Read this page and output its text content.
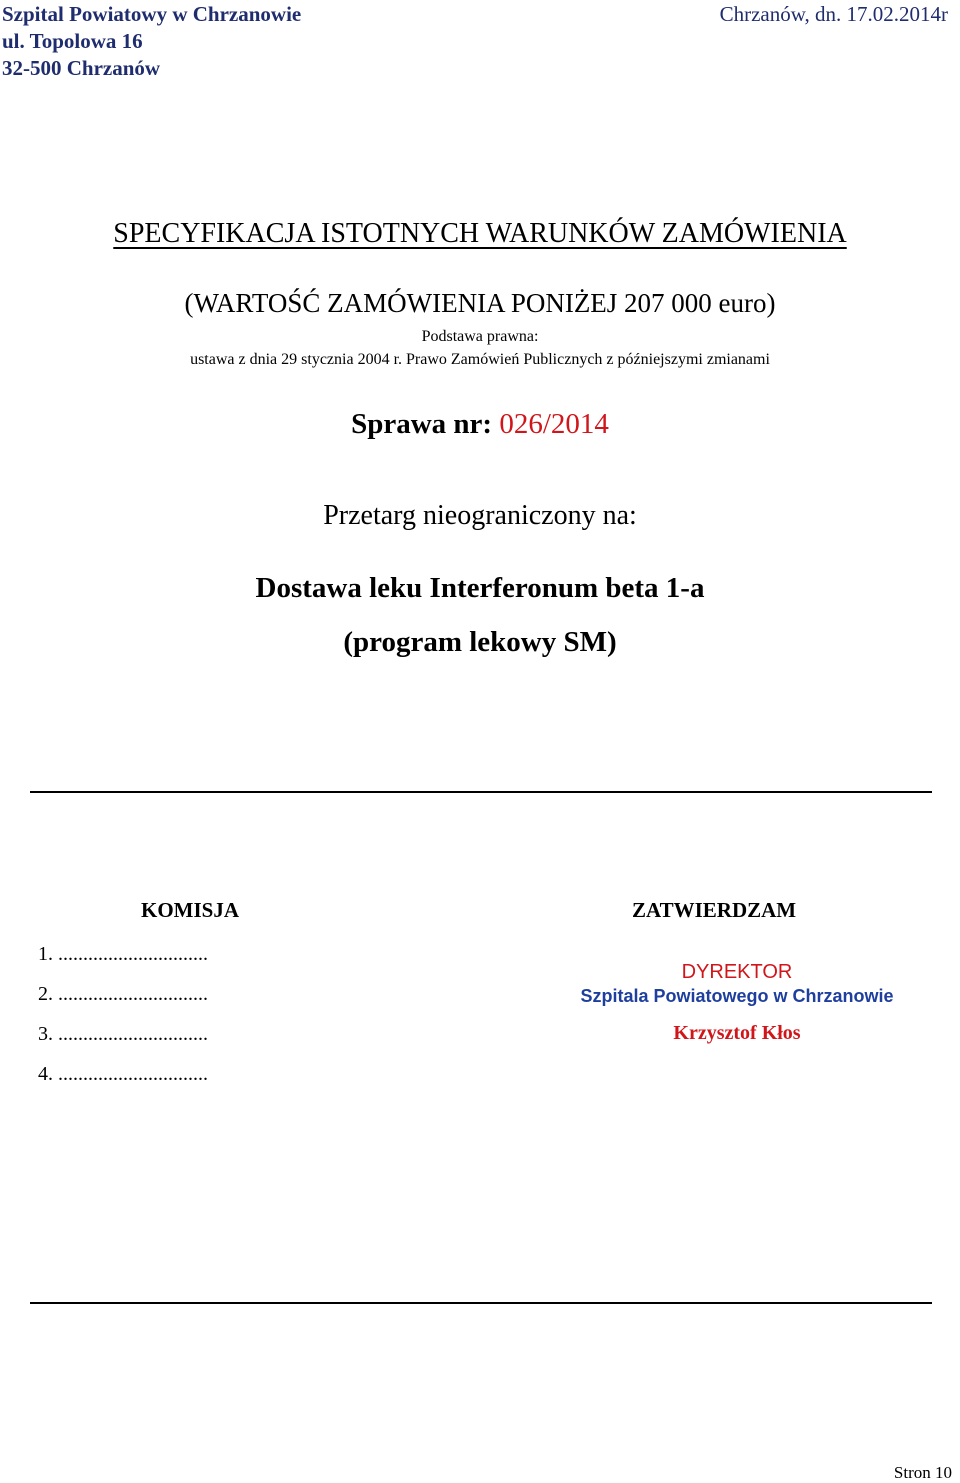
Szpital Powiatowy w Chrzanowie
ul. Topolowa 16
32-500 Chrzanów
Chrzanów, dn. 17.02.2014r
SPECYFIKACJA ISTOTNYCH WARUNKÓW ZAMÓWIENIA
(WARTOŚĆ ZAMÓWIENIA PONIŻEJ 207 000 euro)
Podstawa prawna:
ustawa z dnia 29 stycznia 2004 r. Prawo Zamówień Publicznych z późniejszymi zmianami
Sprawa nr: 026/2014
Przetarg nieograniczony na:
Dostawa leku Interferonum beta 1-a
(program lekowy SM)
KOMISJA	ZATWIERDZAM
1. ..............................
2. ..............................
3. ..............................
4. ..............................
DYREKTOR
Szpitala Powiatowego w Chrzanowie
Krzysztof Kłos
Stron 10
